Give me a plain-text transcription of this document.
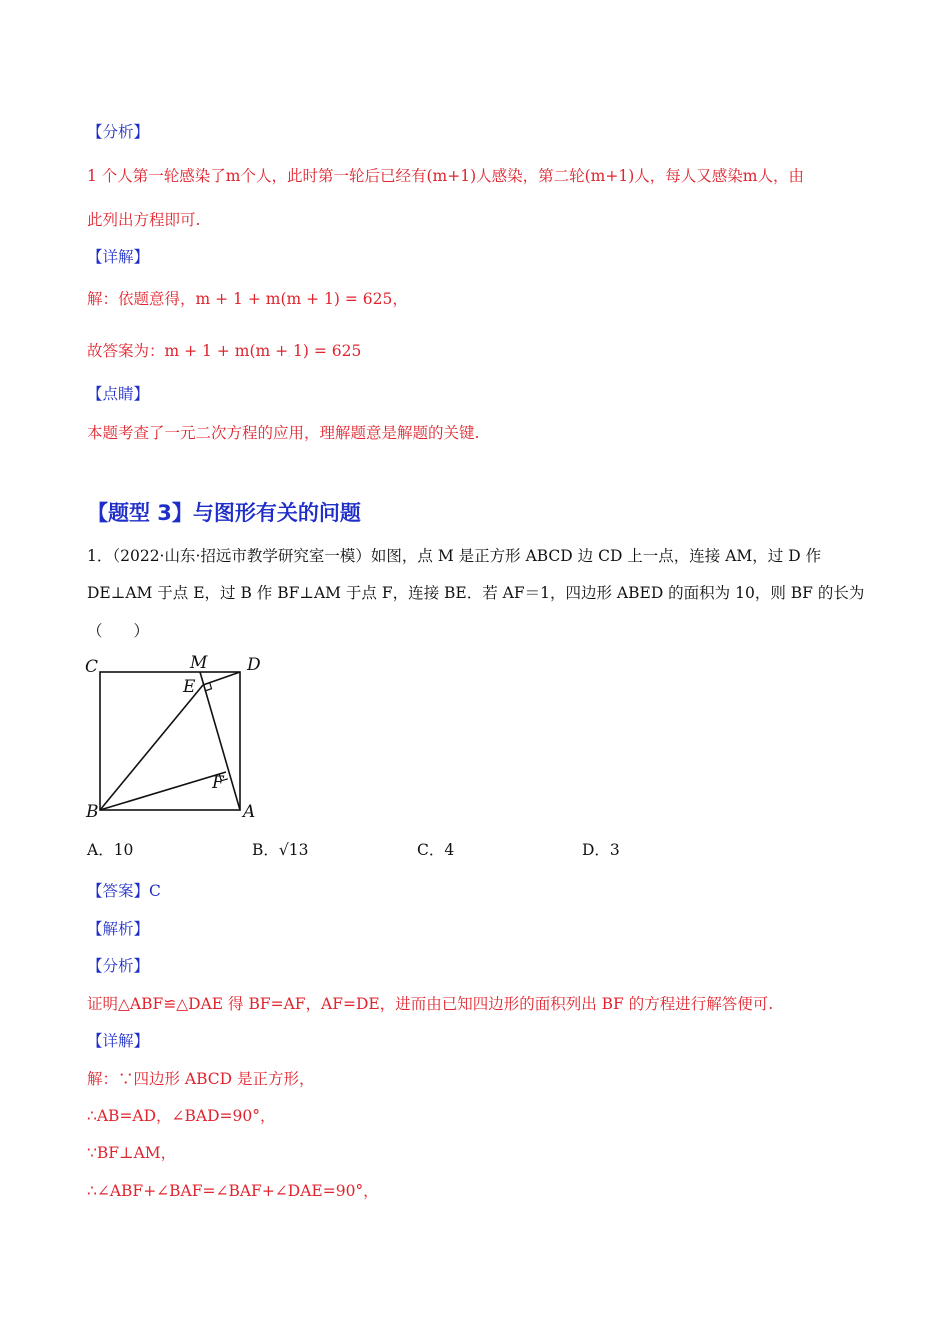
【分析】
1 个人第一轮感染了m个人，此时第一轮后已经有(m+1)人感染，第二轮(m+1)人，每人又感染m人，由
此列出方程即可.
【详解】
解：依题意得，m + 1 + m(m + 1) = 625，
故答案为：m + 1 + m(m + 1) = 625
【点睛】
本题考查了一元二次方程的应用，理解题意是解题的关键.
【题型 3】与图形有关的问题
1．（2022·山东·招远市教学研究室一模）如图，点 M 是正方形 ABCD 边 CD 上一点，连接 AM，过 D 作
DE⊥AM 于点 E，过 B 作 BF⊥AM 于点 F，连接 BE．若 AF＝1，四边形 ABED 的面积为 10，则 BF 的长为
（　　）
C	M D
E
F
B	A
A．10	B．√13	C．4	D．3
【答案】C
【解析】
【分析】
证明△ABF≌△DAE 得 BF=AF，AF=DE，进而由已知四边形的面积列出 BF 的方程进行解答便可.
【详解】
解：∵四边形 ABCD 是正方形，
∴AB=AD，∠BAD=90°，
∵BF⊥AM，
∴∠ABF+∠BAF=∠BAF+∠DAE=90°，
